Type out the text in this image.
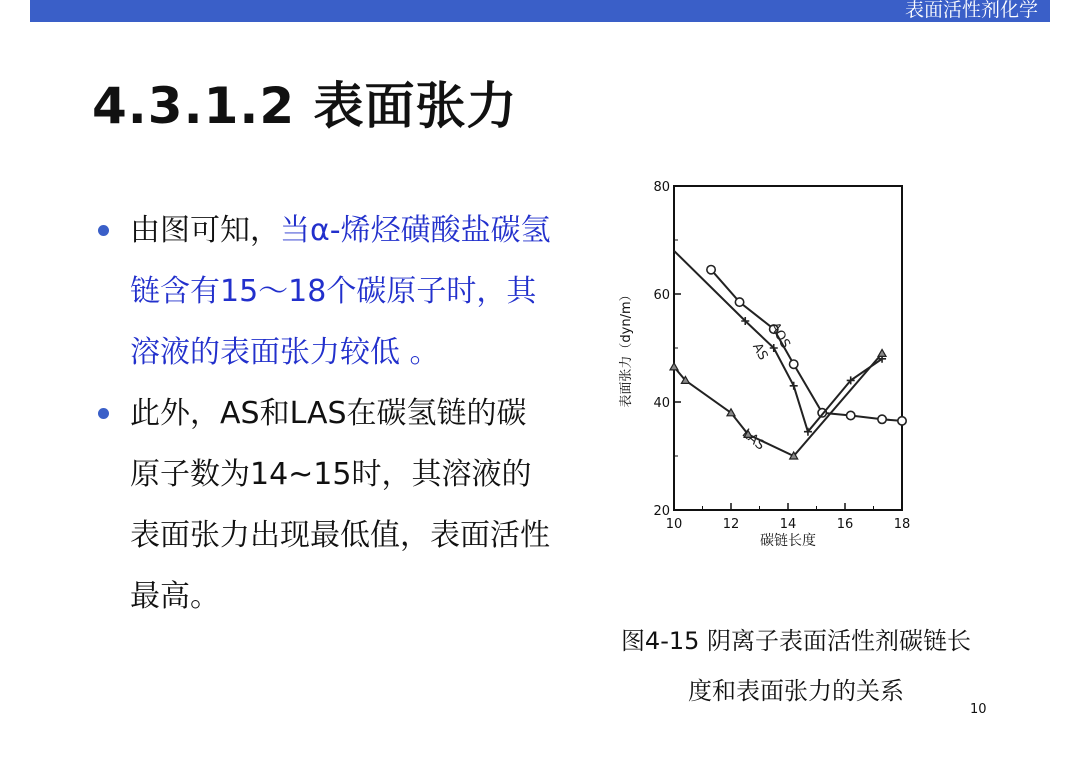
表面活性剂化学
4.3.1.2 表面张力

由图可知，当α-烯烃磺酸盐碳氢链含有15～18个碳原子时，其溶液的表面张力较低 。

此外，AS和LAS在碳氢链的碳原子数为14~15时，其溶液的表面张力出现最低值，表面活性最高。

10	12	14	16	18
20
40
60
80
碳链长度
表面张力（dyn/m）	AOS
AS
LAS
图4-15 阴离子表面活性剂碳链长
度和表面张力的关系
10
